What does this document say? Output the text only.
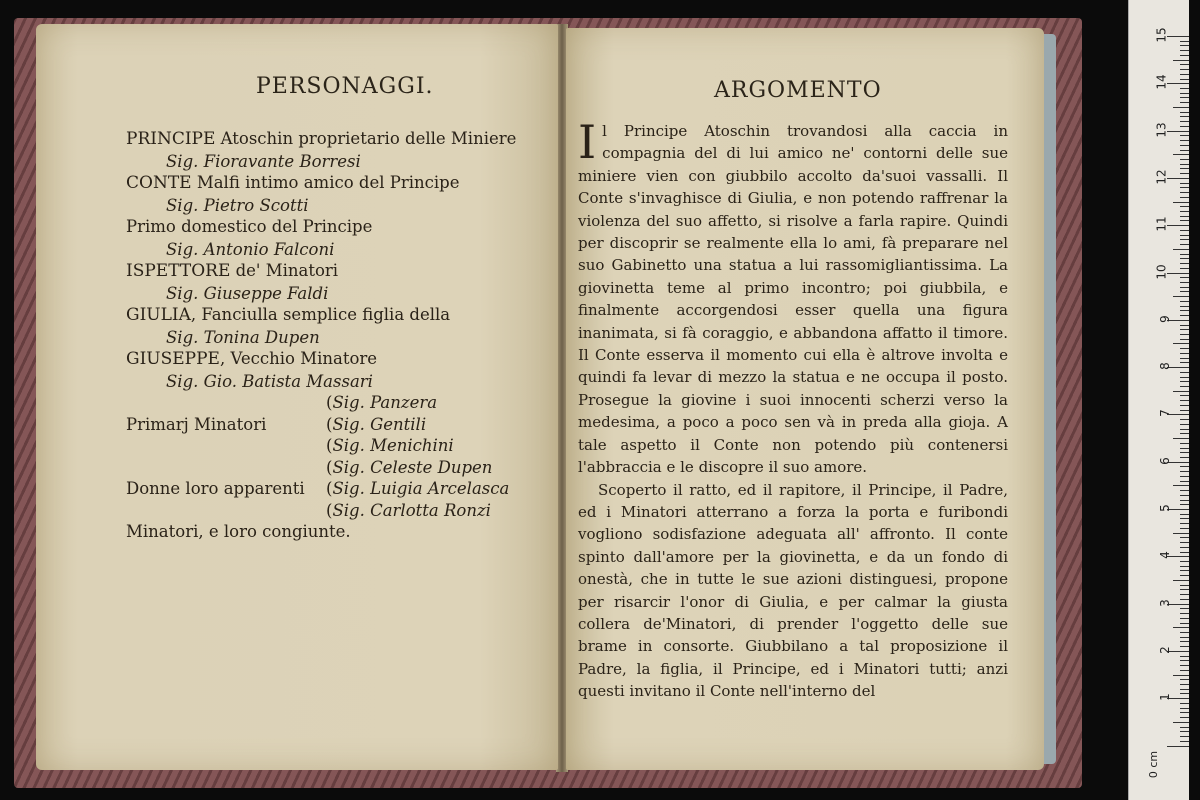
PERSONAGGI.
PRINCIPE Atoschin proprietario delle Miniere
Sig. Fioravante Borresi
CONTE Malfi intimo amico del Principe
Sig. Pietro Scotti
Primo domestico del Principe
Sig. Antonio Falconi
ISPETTORE de' Minatori
Sig. Giuseppe Faldi
GIULIA, Fanciulla semplice figlia della
Sig. Tonina Dupen
GIUSEPPE, Vecchio Minatore
Sig. Gio. Batista Massari
Primarj Minatori
(Sig. Panzera
(Sig. Gentili
(Sig. Menichini
(Sig. Celeste Dupen
Donne loro apparenti (Sig. Luigia Arcelasca
(Sig. Carlotta Ronzi
Minatori, e loro congiunte.
ARGOMENTO

Il Principe Atoschin trovandosi alla caccia in compagnia del di lui amico ne' contorni delle sue miniere vien con giubbilo accolto da'suoi vassalli. Il Conte s'invaghisce di Giulia, e non potendo raffrenar la violenza del suo affetto, si risolve a farla rapire. Quindi per discoprir se realmente ella lo ami, fà preparare nel suo Gabinetto una statua a lui rassomigliantissima. La giovinetta teme al primo incontro; poi giubbila, e finalmente accorgendosi esser quella una figura inanimata, si fà coraggio, e abbandona affatto il timore. Il Conte esserva il momento cui ella è altrove involta e quindi fa levar di mezzo la statua e ne occupa il posto. Prosegue la giovine i suoi innocenti scherzi verso la medesima, a poco a poco sen và in preda alla gioja. A tale aspetto il Conte non potendo più contenersi l'abbraccia e le discopre il suo amore.

Scoperto il ratto, ed il rapitore, il Principe, il Padre, ed i Minatori atterrano a forza la porta e furibondi vogliono sodisfazione adeguata all' affronto. Il conte spinto dall'amore per la giovinetta, e da un fondo di onestà, che in tutte le sue azioni distinguesi, propone per risarcir l'onor di Giulia, e per calmar la giusta collera de'Minatori, di prender l'oggetto delle sue brame in consorte. Giubbilano a tal proposizione il Padre, la figlia, il Principe, ed i Minatori tutti; anzi questi invitano il Conte nell'interno del

15
14
13
12
11
10
9
8
7
6
5
4
3
2
1
0 cm
